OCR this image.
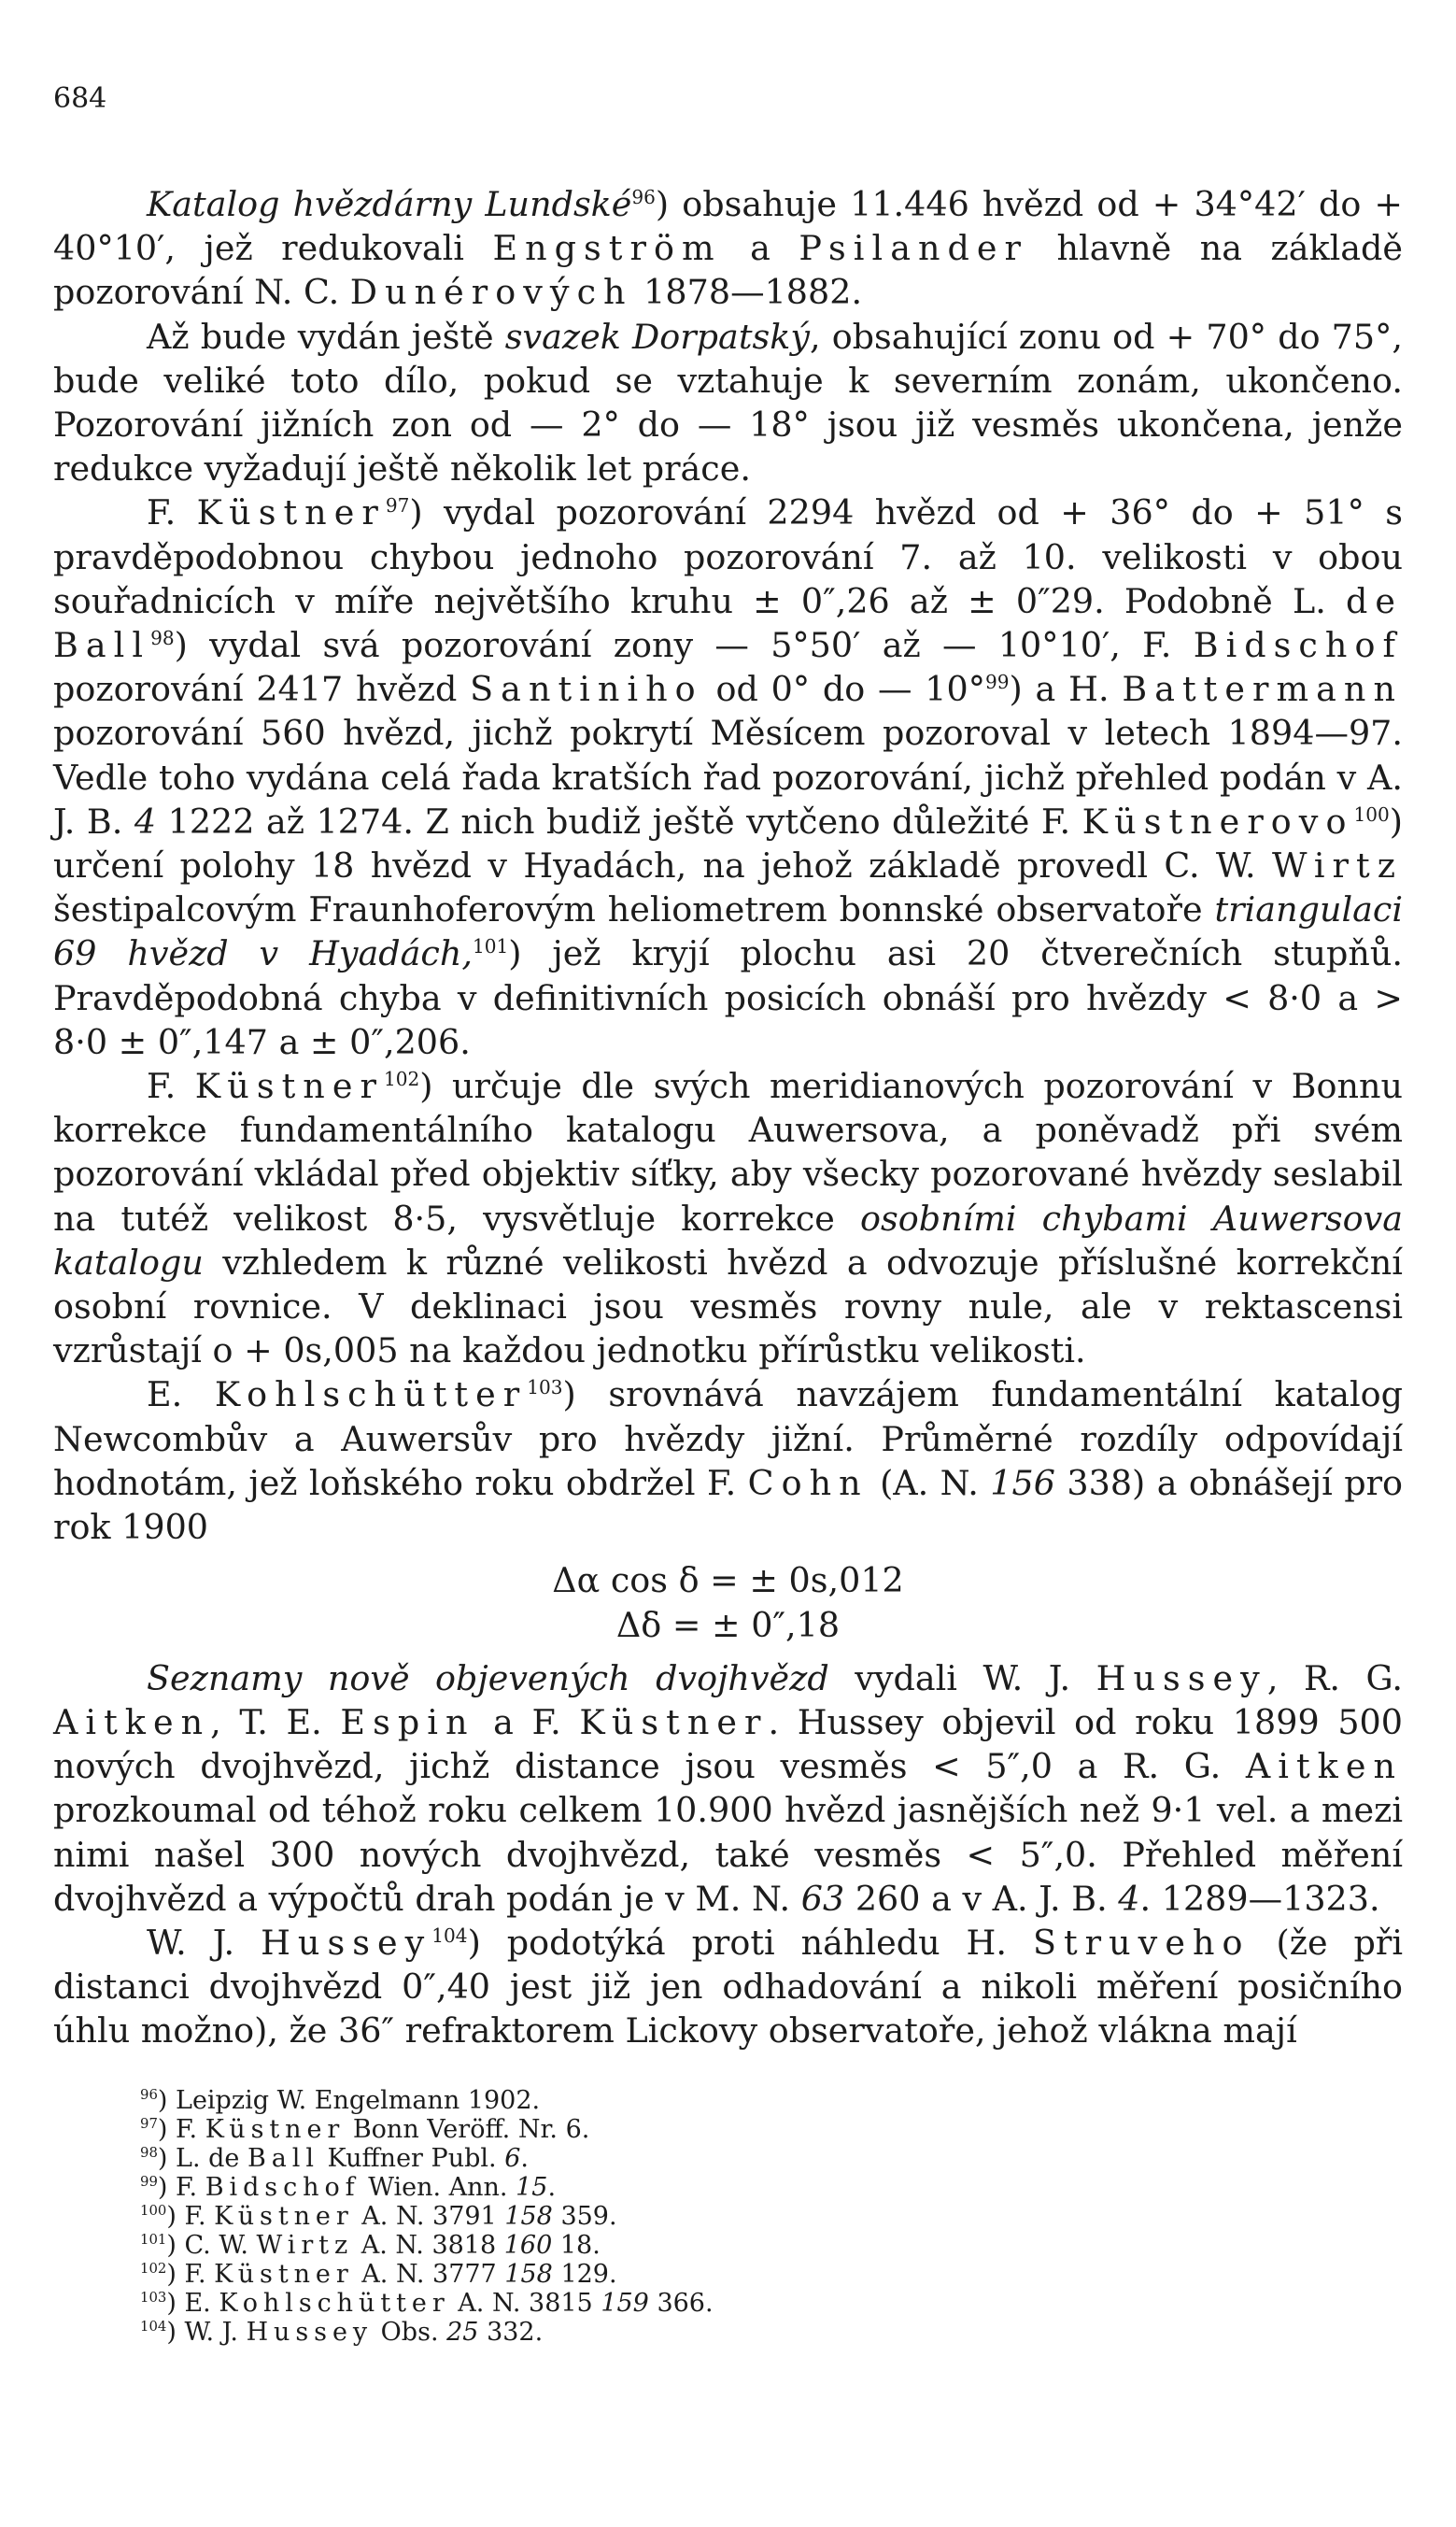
684

Katalog hvězdárny Lundské$^{96}$) obsahuje 11.446 hvězd od + 34°42′ do + 40°10′, jež redukovali Engström a Psilander hlavně na základě pozorování N. C. Dunérových 1878—1882.

Až bude vydán ještě svazek Dorpatský, obsahující zonu od + 70° do 75°, bude veliké toto dílo, pokud se vztahuje k severním zonám, ukončeno. Pozorování jižních zon od — 2° do — 18° jsou již vesměs ukončena, jenže redukce vyžadují ještě několik let práce.

F. Küstner$^{97}$) vydal pozorování 2294 hvězd od + 36° do + 51° s pravděpodobnou chybou jednoho pozorování 7. až 10. velikosti v obou souřadnicích v míře největšího kruhu ± 0″,26 až ± 0″29. Podobně L. de Ball$^{98}$) vydal svá pozorování zony — 5°50′ až — 10°10′, F. Bidschof pozorování 2417 hvězd Santiniho od 0° do — 10°$^{99}$) a H. Battermann pozorování 560 hvězd, jichž pokrytí Měsícem pozoroval v letech 1894—97. Vedle toho vydána celá řada kratších řad pozorování, jichž přehled podán v A. J. B. 4 1222 až 1274. Z nich budiž ještě vytčeno důležité F. Küstnerovo$^{100}$) určení polohy 18 hvězd v Hyadách, na jehož základě provedl C. W. Wirtz šestipalcovým Fraunhoferovým heliometrem bonnské observatoře triangulaci 69 hvězd v Hyadách,$^{101}$) jež kryjí plochu asi 20 čtverečních stupňů. Pravděpodobná chyba v definitivních posicích obnáší pro hvězdy < 8·0 a > 8·0 ± 0″,147 a ± 0″,206.

F. Küstner$^{102}$) určuje dle svých meridianových pozorování v Bonnu korrekce fundamentálního katalogu Auwersova, a poněvadž při svém pozorování vkládal před objektiv síťky, aby všecky pozorované hvězdy seslabil na tutéž velikost 8·5, vysvětluje korrekce osobními chybami Auwersova katalogu vzhledem k různé velikosti hvězd a odvozuje příslušné korrekční osobní rovnice. V deklinaci jsou vesměs rovny nule, ale v rektascensi vzrůstají o + 0s,005 na každou jednotku přírůstku velikosti.

E. Kohlschütter$^{103}$) srovnává navzájem fundamentální katalog Newcombův a Auwersův pro hvězdy jižní. Průměrné rozdíly odpovídají hodnotám, jež loňského roku obdržel F. Cohn (A. N. 156 338) a obnášejí pro rok 1900

Δα cos δ = ± 0s,012
Δδ = ± 0″,18

Seznamy nově objevených dvojhvězd vydali W. J. Hussey, R. G. Aitken, T. E. Espin a F. Küstner. Hussey objevil od roku 1899 500 nových dvojhvězd, jichž distance jsou vesměs < 5″,0 a R. G. Aitken prozkoumal od téhož roku celkem 10.900 hvězd jasnějších než 9·1 vel. a mezi nimi našel 300 nových dvojhvězd, také vesměs < 5″,0. Přehled měření dvojhvězd a výpočtů drah podán je v M. N. 63 260 a v A. J. B. 4. 1289—1323.

W. J. Hussey$^{104}$) podotýká proti náhledu H. Struveho (že při distanci dvojhvězd 0″,40 jest již jen odhadování a nikoli měření posičního úhlu možno), že 36″ refraktorem Lickovy observatoře, jehož vlákna mají

$^{96}$) Leipzig W. Engelmann 1902.
$^{97}$) F. Küstner Bonn Veröff. Nr. 6.
$^{98}$) L. de Ball Kuffner Publ. 6.
$^{99}$) F. Bidschof Wien. Ann. 15.
$^{100}$) F. Küstner A. N. 3791 158 359.
$^{101}$) C. W. Wirtz A. N. 3818 160 18.
$^{102}$) F. Küstner A. N. 3777 158 129.
$^{103}$) E. Kohlschütter A. N. 3815 159 366.
$^{104}$) W. J. Hussey Obs. 25 332.
